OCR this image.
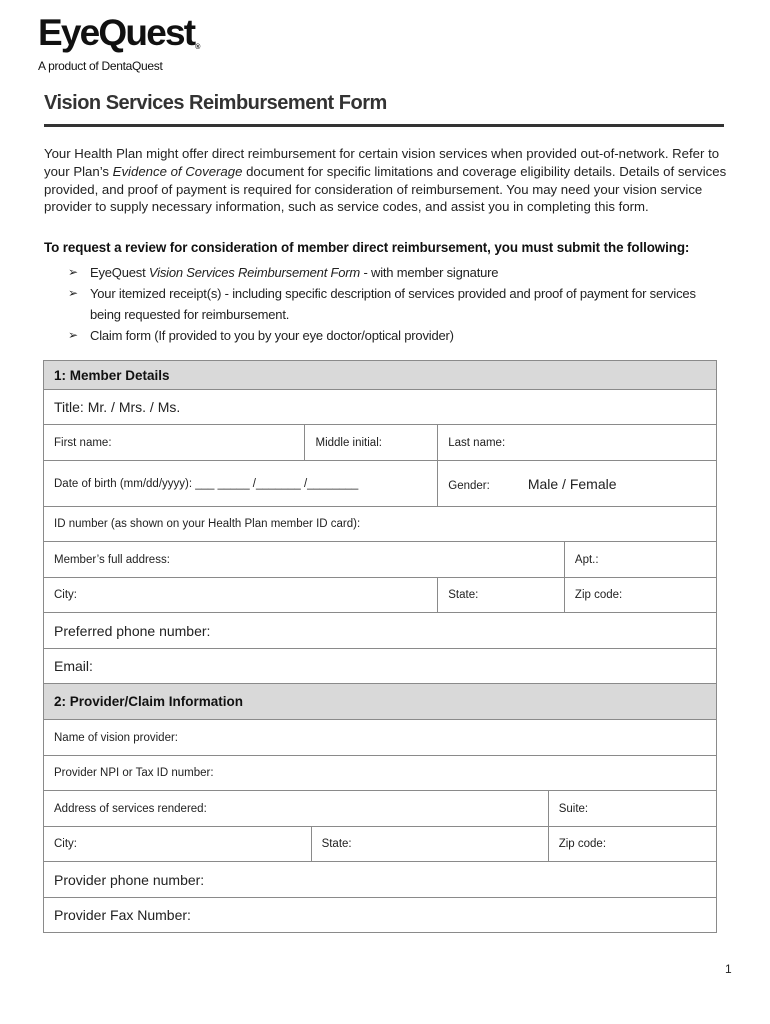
EyeQuest®
A product of DentaQuest
Vision Services Reimbursement Form
Your Health Plan might offer direct reimbursement for certain vision services when provided out-of-network. Refer to your Plan’s Evidence of Coverage document for specific limitations and coverage eligibility details. Details of services provided, and proof of payment is required for consideration of reimbursement. You may need your vision service provider to supply necessary information, such as service codes, and assist you in completing this form.
To request a review for consideration of member direct reimbursement, you must submit the following:
➢ EyeQuest Vision Services Reimbursement Form - with member signature
➢ Your itemized receipt(s) - including specific description of services provided and proof of payment for services being requested for reimbursement.
➢ Claim form (If provided to you by your eye doctor/optical provider)
1: Member Details					
Title: Mr. / Mrs. / Ms.					
First name:	Middle initial:		Last name:		
Date of birth (mm/dd/yyyy): ___ _____ /_______ /________			Gender: Male / Female		
ID number (as shown on your Health Plan member ID card):					
Member’s full address:					Apt.:
City:			State:		Zip code:
Preferred phone number:					
Email:					
2: Provider/Claim Information					
Name of vision provider:					
Provider NPI or Tax ID number:					
Address of services rendered:				Suite:	
City:		State:		Zip code:	
Provider phone number:					
Provider Fax Number:					
1
